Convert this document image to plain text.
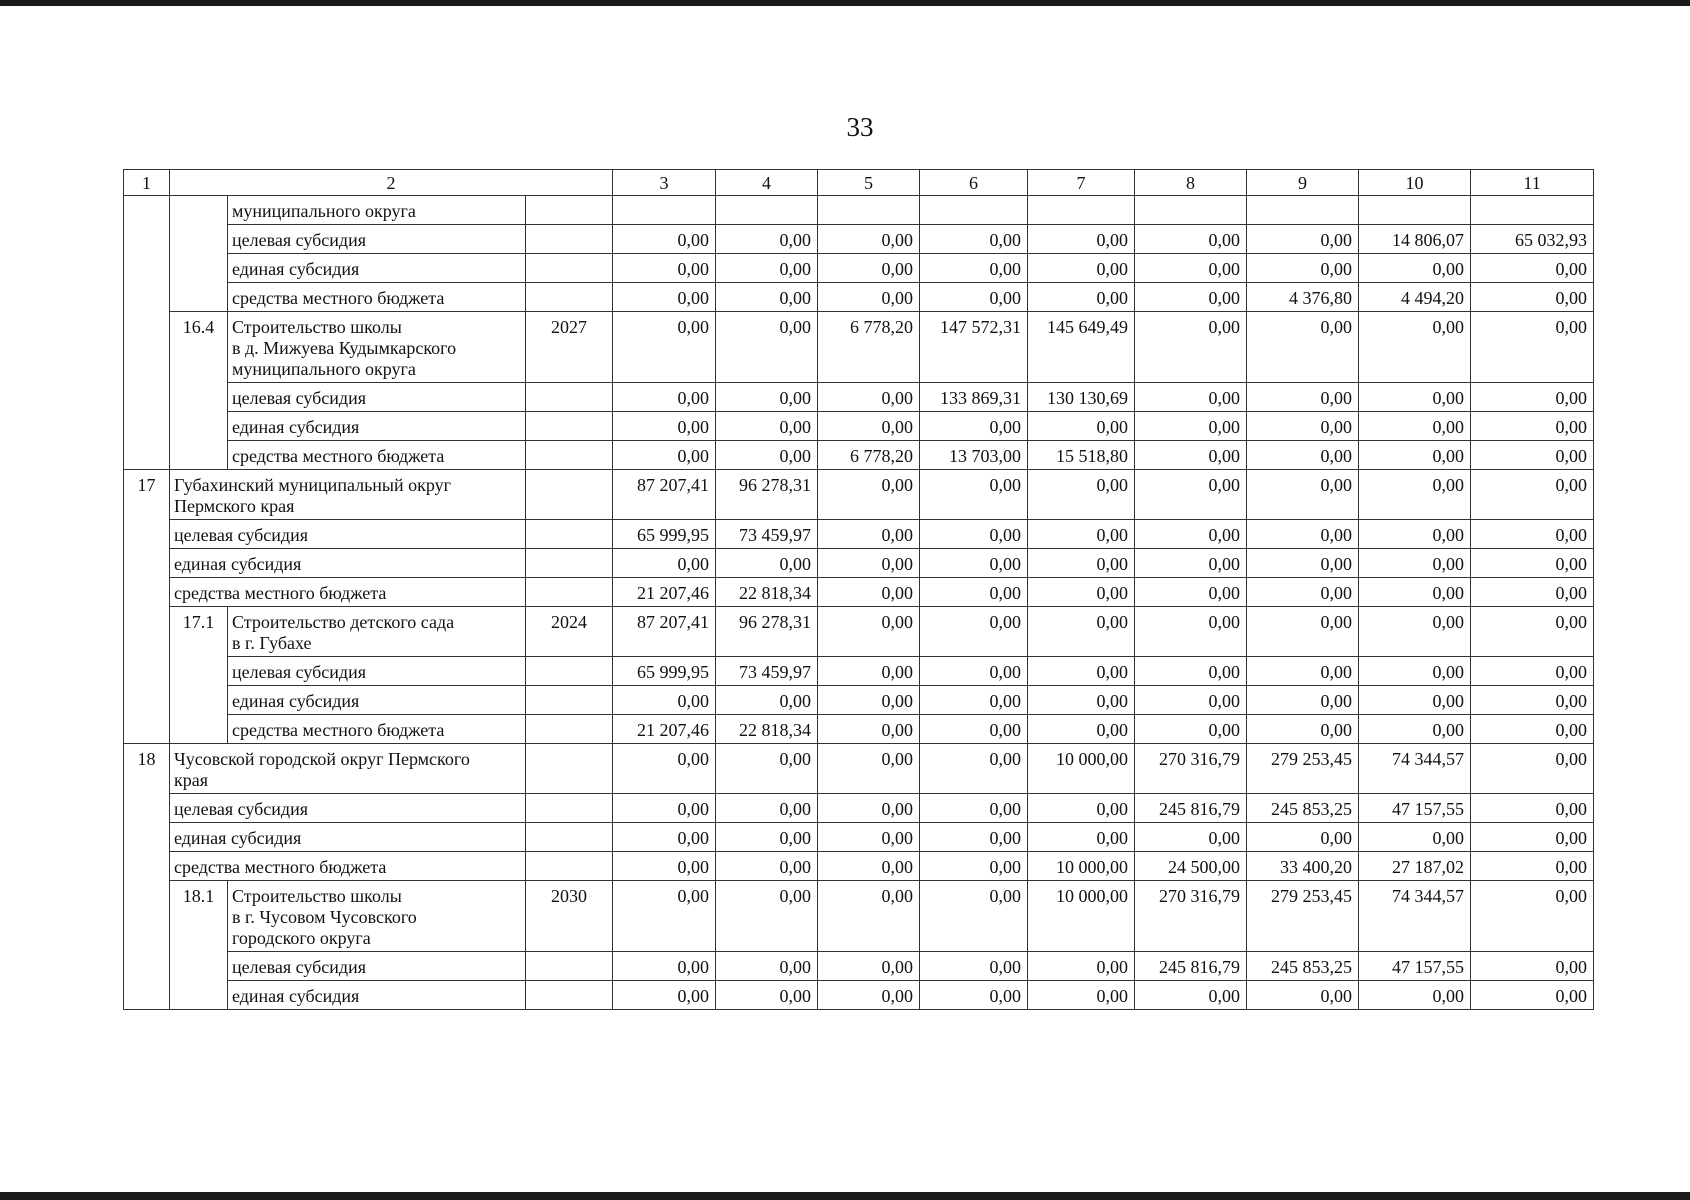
33
1	2			3	4	5	6	7	8	9	10	11	
		муниципального округа											
		целевая субсидия		0,00	0,00	0,00	0,00	0,00	0,00	0,00	14 806,07	65 032,93	
		единая субсидия		0,00	0,00	0,00	0,00	0,00	0,00	0,00	0,00	0,00	
		средства местного бюджета		0,00	0,00	0,00	0,00	0,00	0,00	4 376,80	4 494,20	0,00	
	16.4	Строительство школы
в д. Мижуева Кудымкарского
муниципального округа	2027	0,00	0,00	6 778,20	147 572,31	145 649,49	0,00	0,00	0,00	0,00	
		целевая субсидия		0,00	0,00	0,00	133 869,31	130 130,69	0,00	0,00	0,00	0,00	
		единая субсидия		0,00	0,00	0,00	0,00	0,00	0,00	0,00	0,00	0,00	
		средства местного бюджета		0,00	0,00	6 778,20	13 703,00	15 518,80	0,00	0,00	0,00	0,00	
17	Губахинский муниципальный округ
Пермского края			87 207,41	96 278,31	0,00	0,00	0,00	0,00	0,00	0,00	0,00	
	целевая субсидия			65 999,95	73 459,97	0,00	0,00	0,00	0,00	0,00	0,00	0,00	
	единая субсидия			0,00	0,00	0,00	0,00	0,00	0,00	0,00	0,00	0,00	
	средства местного бюджета			21 207,46	22 818,34	0,00	0,00	0,00	0,00	0,00	0,00	0,00	
	17.1	Строительство детского сада
в г. Губахе	2024	87 207,41	96 278,31	0,00	0,00	0,00	0,00	0,00	0,00	0,00	
		целевая субсидия		65 999,95	73 459,97	0,00	0,00	0,00	0,00	0,00	0,00	0,00	
		единая субсидия		0,00	0,00	0,00	0,00	0,00	0,00	0,00	0,00	0,00	
		средства местного бюджета		21 207,46	22 818,34	0,00	0,00	0,00	0,00	0,00	0,00	0,00	
18	Чусовской городской округ Пермского
края			0,00	0,00	0,00	0,00	10 000,00	270 316,79	279 253,45	74 344,57	0,00	
	целевая субсидия			0,00	0,00	0,00	0,00	0,00	245 816,79	245 853,25	47 157,55	0,00	
	единая субсидия			0,00	0,00	0,00	0,00	0,00	0,00	0,00	0,00	0,00	
	средства местного бюджета			0,00	0,00	0,00	0,00	10 000,00	24 500,00	33 400,20	27 187,02	0,00	
	18.1	Строительство школы
в г. Чусовом Чусовского
городского округа	2030	0,00	0,00	0,00	0,00	10 000,00	270 316,79	279 253,45	74 344,57	0,00	
		целевая субсидия		0,00	0,00	0,00	0,00	0,00	245 816,79	245 853,25	47 157,55	0,00	
		единая субсидия		0,00	0,00	0,00	0,00	0,00	0,00	0,00	0,00	0,00	
